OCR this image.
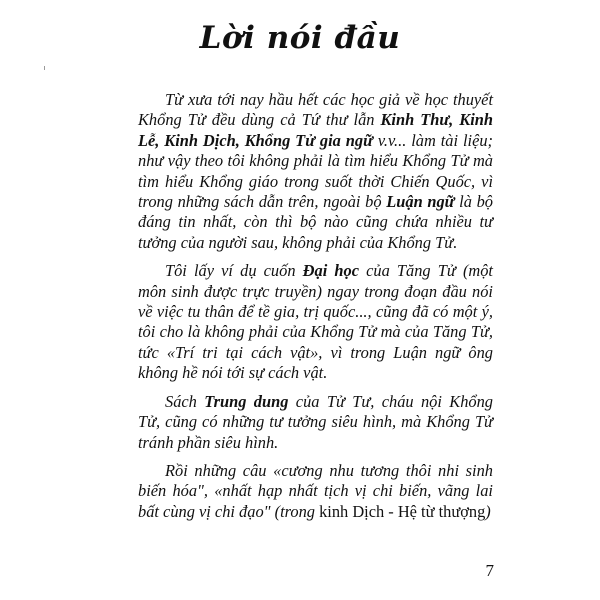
Lời nói đầu

Từ xưa tới nay hầu hết các học giả về học thuyết Khổng Tử đều dùng cả Tứ thư lẫn Kinh Thư, Kinh Lễ, Kinh Dịch, Khổng Tử gia ngữ v.v... làm tài liệu; như vậy theo tôi không phải là tìm hiểu Khổng Tử mà tìm hiểu Khổng giáo trong suốt thời Chiến Quốc, vì trong những sách dẫn trên, ngoài bộ Luận ngữ là bộ đáng tin nhất, còn thì bộ nào cũng chứa nhiều tư tưởng của người sau, không phải của Khổng Tử.

Tôi lấy ví dụ cuốn Đại học của Tăng Tử (một môn sinh được trực truyền) ngay trong đoạn đầu nói về việc tu thân để tề gia, trị quốc..., cũng đã có một ý, tôi cho là không phải của Khổng Tử mà của Tăng Tử, tức «Trí tri tại cách vật», vì trong Luận ngữ ông không hề nói tới sự cách vật.

Sách Trung dung của Tử Tư, cháu nội Khổng Tử, cũng có những tư tưởng siêu hình, mà Khổng Tử tránh phần siêu hình.

Rồi những câu «cương nhu tương thôi nhi sinh biến hóa", «nhất hạp nhất tịch vị chi biến, vãng lai bất cùng vị chi đạo" (trong kinh Dịch - Hệ từ thượng)

7
